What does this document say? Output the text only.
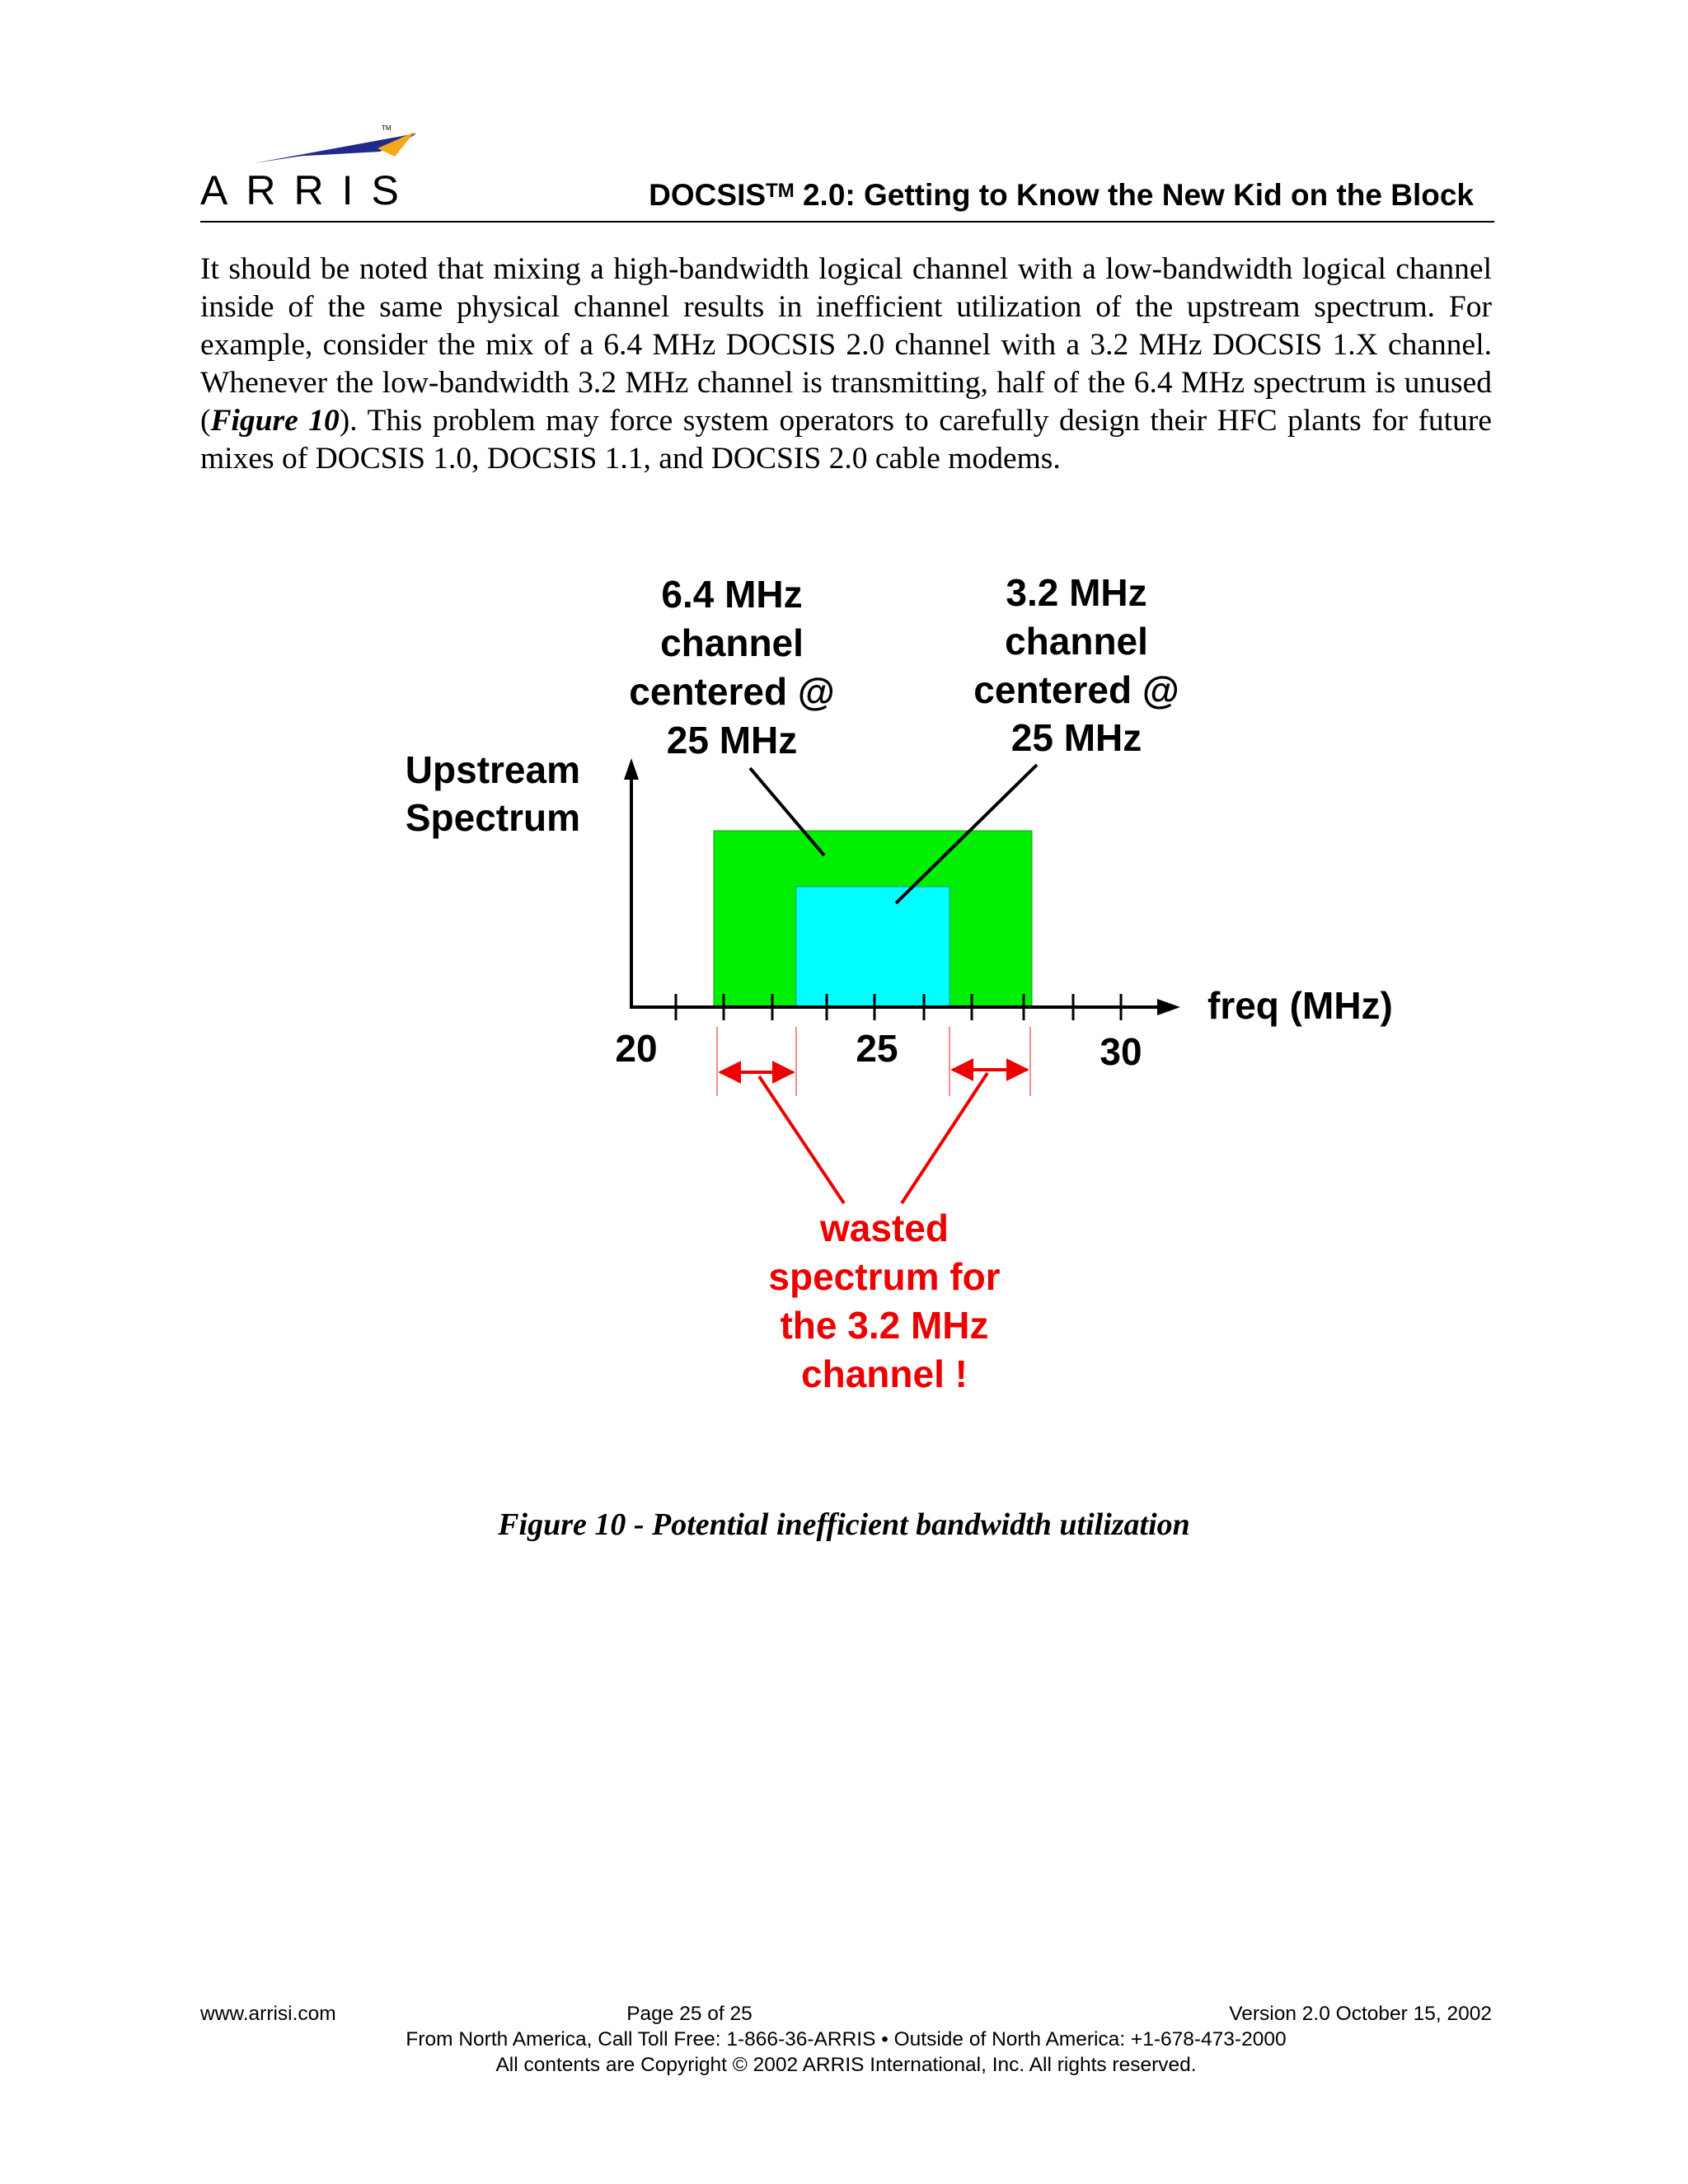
TM
ARRIS	DOCSIS™ 2.0: Getting to Know the New Kid on the Block

It should be noted that mixing a high-bandwidth logical channel with a low-bandwidth logical channel inside of the same physical channel results in inefficient utilization of the upstream spectrum. For example, consider the mix of a 6.4 MHz DOCSIS 2.0 channel with a 3.2 MHz DOCSIS 1.X channel. Whenever the low-bandwidth 3.2 MHz channel is transmitting, half of the 6.4 MHz spectrum is unused (Figure 10). This problem may force system operators to carefully design their HFC plants for future mixes of DOCSIS 1.0, DOCSIS 1.1, and DOCSIS 2.0 cable modems.

20	25	30
freq (MHz)
Upstream
Spectrum
6.4 MHz
channel
centered @
25 MHz
3.2 MHz
channel
centered @
25 MHz
wasted
spectrum for
the 3.2 MHz
channel !
Figure 10 - Potential inefficient bandwidth utilization
www.arrisi.com	Page 25 of 25	Version 2.0 October 15, 2002
From North America, Call Toll Free: 1-866-36-ARRIS • Outside of North America: +1-678-473-2000
All contents are Copyright © 2002 ARRIS International, Inc. All rights reserved.
